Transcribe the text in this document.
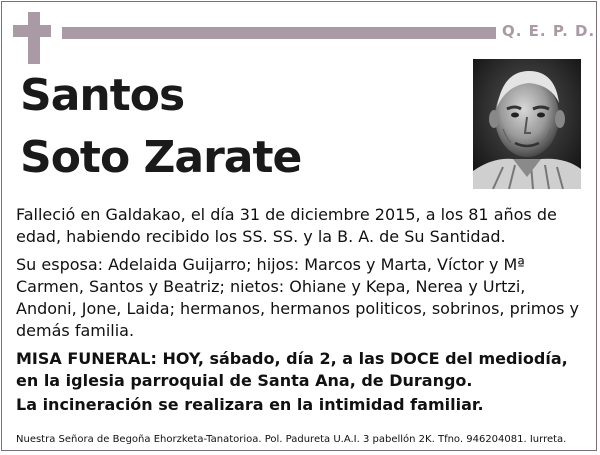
Q. E. P. D.
Santos
Soto Zarate

Falleció en Galdakao, el día 31 de diciembre 2015, a los 81 años de edad, habiendo recibido los SS. SS. y la B. A. de Su Santidad.

Su esposa: Adelaida Guijarro; hijos: Marcos y Marta, Víctor y Mª Carmen, Santos y Beatriz; nietos: Ohiane y Kepa, Nerea y Urtzi, Andoni, Jone, Laida; hermanos, hermanos politicos, sobrinos, primos y demás familia.

MISA FUNERAL: HOY, sábado, día 2, a las DOCE del mediodía, en la iglesia parroquial de Santa Ana, de Durango.

La incineración se realizara en la intimidad familiar.

Nuestra Señora de Begoña Ehorzketa-Tanatorioa. Pol. Padureta U.A.I. 3 pabellón 2K. Tfno. 946204081. Iurreta.
